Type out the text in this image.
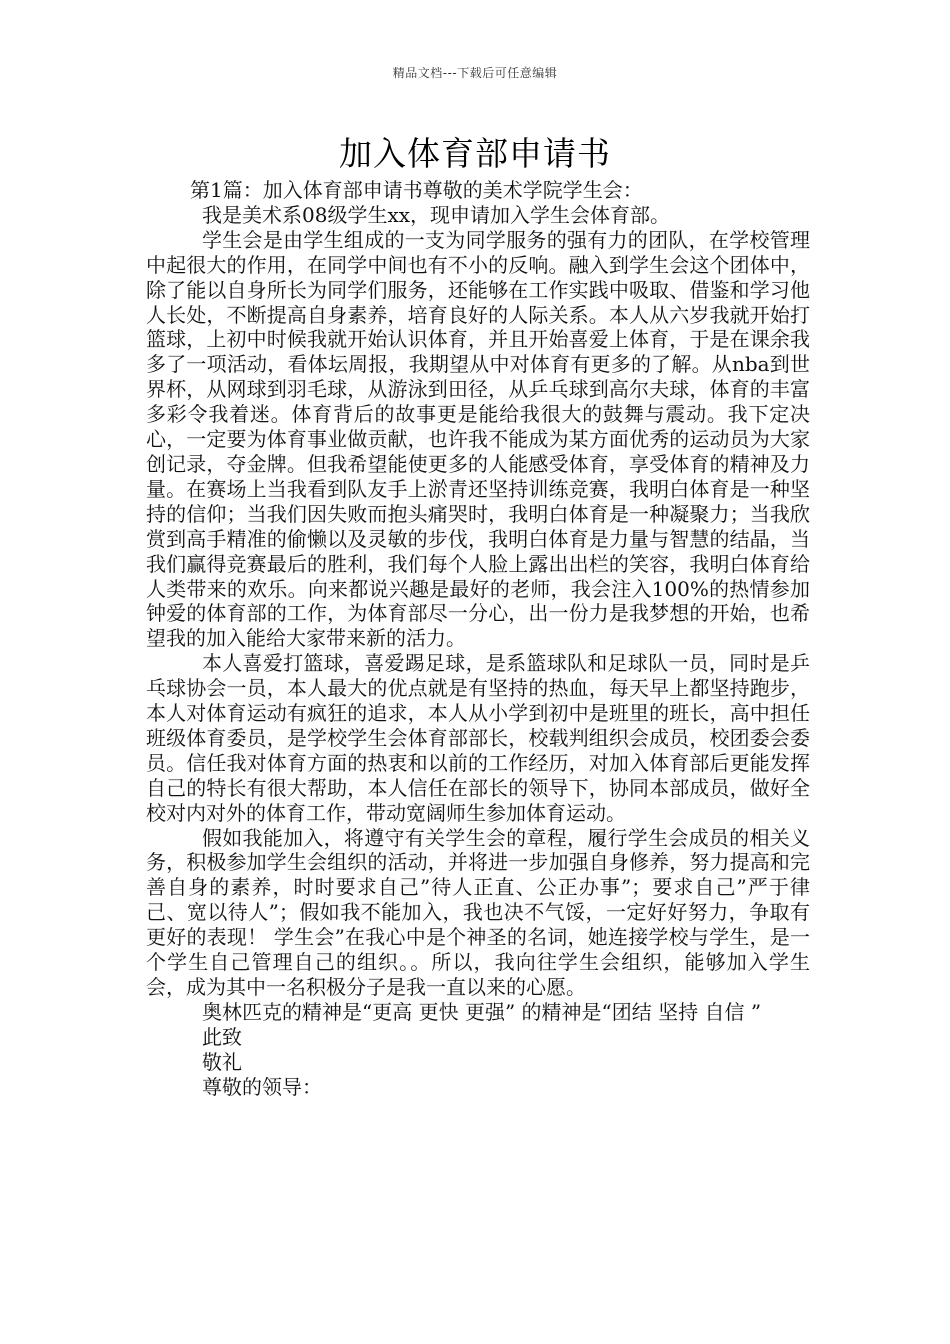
精品文档---下载后可任意编辑
加入体育部申请书

第1篇：加入体育部申请书尊敬的美术学院学生会：

我是美术系08级学生xx，现申请加入学生会体育部。

学生会是由学生组成的一支为同学服务的强有力的团队，在学校管理中起很大的作用，在同学中间也有不小的反响。融入到学生会这个团体中，除了能以自身所长为同学们服务，还能够在工作实践中吸取、借鉴和学习他人长处，不断提高自身素养，培育良好的人际关系。本人从六岁我就开始打篮球，上初中时候我就开始认识体育，并且开始喜爱上体育，于是在课余我多了一项活动，看体坛周报，我期望从中对体育有更多的了解。从nba到世界杯，从网球到羽毛球，从游泳到田径，从乒乓球到高尔夫球，体育的丰富多彩令我着迷。体育背后的故事更是能给我很大的鼓舞与震动。我下定决心，一定要为体育事业做贡献，也许我不能成为某方面优秀的运动员为大家创记录，夺金牌。但我希望能使更多的人能感受体育，享受体育的精神及力量。在赛场上当我看到队友手上淤青还坚持训练竞赛，我明白体育是一种坚持的信仰；当我们因失败而抱头痛哭时，我明白体育是一种凝聚力；当我欣赏到高手精准的偷懒以及灵敏的步伐，我明白体育是力量与智慧的结晶，当我们赢得竞赛最后的胜利，我们每个人脸上露出出栏的笑容，我明白体育给人类带来的欢乐。向来都说兴趣是最好的老师，我会注入100%的热情参加钟爱的体育部的工作，为体育部尽一分心，出一份力是我梦想的开始，也希望我的加入能给大家带来新的活力。

本人喜爱打篮球，喜爱踢足球，是系篮球队和足球队一员，同时是乒乓球协会一员，本人最大的优点就是有坚持的热血，每天早上都坚持跑步，本人对体育运动有疯狂的追求，本人从小学到初中是班里的班长，高中担任班级体育委员，是学校学生会体育部部长，校载判组织会成员，校团委会委员。信任我对体育方面的热衷和以前的工作经历，对加入体育部后更能发挥自己的特长有很大帮助，本人信任在部长的领导下，协同本部成员，做好全校对内对外的体育工作，带动宽阔师生参加体育运动。

假如我能加入，将遵守有关学生会的章程，履行学生会成员的相关义务，积极参加学生会组织的活动，并将进一步加强自身修养，努力提高和完善自身的素养，时时要求自己”待人正直、公正办事”；要求自己”严于律己、宽以待人”；假如我不能加入，我也决不气馁，一定好好努力，争取有更好的表现！ 学生会”在我心中是个神圣的名词，她连接学校与学生，是一个学生自己管理自己的组织。。所以，我向往学生会组织，能够加入学生会，成为其中一名积极分子是我一直以来的心愿。

奥林匹克的精神是“更高 更快 更强” 的精神是“团结 坚持 自信 ”

此致

敬礼

尊敬的领导：
